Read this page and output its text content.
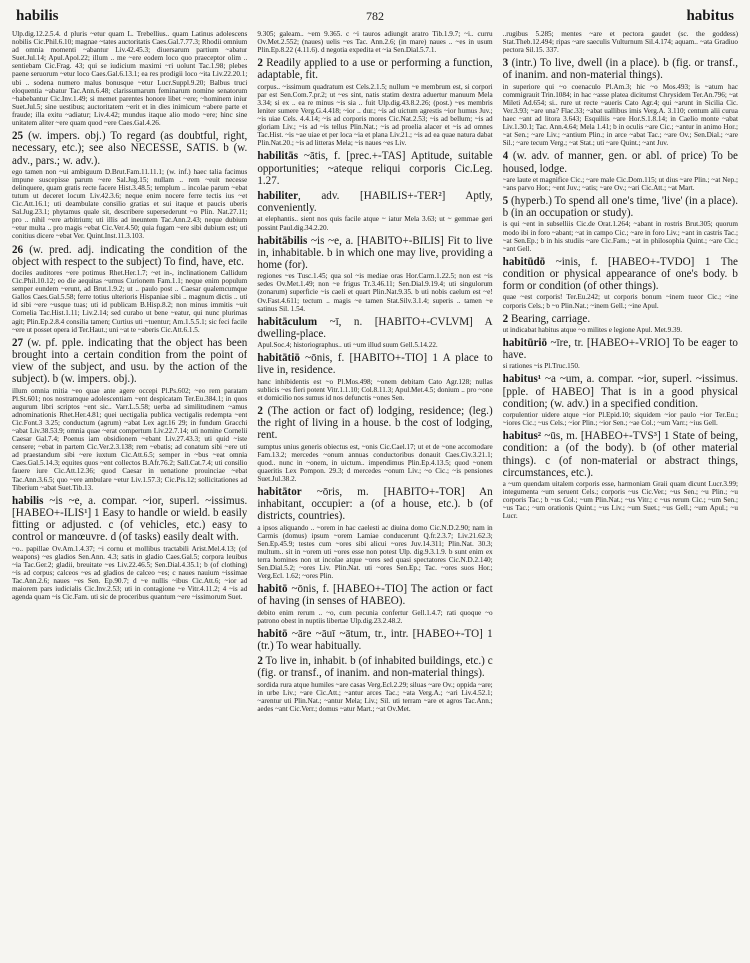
habilis	782	habitus

Ulp.dig.12.2.5.4. d pluris ~etur quam L. Trebellius.. quam Latinus adolescens nobilis Cic.Phil.6.10; magnae ~tates auctoritatis Caes.Gal.7.77.3; Rhodii omnium ad omnia momenti ~abantur Liv.42.45.3; diuersarum partium ~abatur Suet.Jul.14; Apul.Apol.22; illum .. me ~ere eodem loco quo praeceptor olim .. sentiebam Cic.Frag. 43; qui se iudicium maximi ~ri uolunt Tac.1.98; plebes paene seruorum ~etur loco Caes.Gal.6.13.1; ea res prodigii loco ~ita Liv.22.20.1; ubi .. sodena numero malus bonusque ~etur Lucr.Suppl.9.20; Balbus truci eloquentia ~abatur Tac.Ann.6.48; clarissumarum feminarum nomine senatorum ~habebantur Cic.Inv.1.49; si memet parentes honore libet ~ere; ~hominem iniur Suet.Jul.5; sine uestibus; auctoritatem ~erit et in dies inimicum ~abere parte et fraude; illa exitu ~adiatur; Liv.4.42; mundus itaque alio modo ~ere; hinc sine unitatem aliter ~ere quam quod ~ere Caes.Gal.4.26.

25 (w. impers. obj.) To regard (as doubtful, right, necessary, etc.); see also NECESSE, SATIS. b (w. adv., pars.; w. adv.).

ego tamen non ~ui ambiguum D.Brut.Fam.11.11.1; (w. inf.) haec talia facimus impune suscepisse parum ~ere Sal.Jug.15; nullam .. rem ~euit necesse delinquere, quam gratis recte facere Hist.3.48.5; templum .. incolae parum ~ebat tutum ut deceret locum Liv.42.3.6; neque enim nocere ferre tectis ius ~et Cic.Att.16.1; uti deambulate consilio gratias et sui itaque et paucis uberis Sal.Jug.23.1; phytamus quale sit, describere supersederunt ~o Plin. Nat.27.11; pro .. nihil ~ere arbitrium; uti illis ad ineuntem Tac.Ann.2.43; neque dubium ~etur multa .. pro magis ~ebat Cic.Ver.4.50; quia fugam ~ere sibi dubium est; uti conitius dicere ~ebat Ver. Quint.Inst.11.3.103.

26 (w. pred. adj. indicating the condition of the object with respect to the subject) To find, have, etc.

dociles auditores ~ere potimus Rhet.Her.1.7; ~et in-, inclinationem Callidum Cic.Phil.10.12; eo die aequitas ~umus Curionem Fam.1.1; neque enim populum semper eundem ~erunt, ad Brut.1.9.2; ut .. paulo post .. Caesar qualemcumque Gallos Caes.Gal.5.58; ferre totius ulterioris Hispaniae sibi .. magnum dictis .. uti id sibi ~ere ~usque tuas; uti id publicam B.Hisp.8.2; non minus immitis ~uit Cornelia Tac.Hist.1.11; Liv.2.14; sed curabo ut bene ~eatur, qui nunc plurimas agit; Plin.Ep.2.8.4 consilia tamen; Curtius uti ~tuentur; Am.1.5.5.1; sic feci facile ~ere ut posset opera id Ter.Haut.; uni ~at te ~aberis Cic.Att.6.1.5.

27 (w. pf. pple. indicating that the object has been brought into a certain condition from the point of view of the subject, and usu. by the action of the subject). b (w. impers. obj.).

illum omnia mitia ~eo quae ante agere occepi Pl.Ps.602; ~eo rem paratam Pl.St.601; nos nostramque adolescentiam ~ent despicatam Ter.Eu.384.1; in quos augurum libri scriptos ~ent sic.. Varr.L.5.58; uerba ad similitudinem ~amus adnominationis Rhet.Her.4.81; quei uectigalia publica vectigalis redempta ~ent Cic.Font.3 3.25; conductum (agrum) ~abat Lex agr.16 29; in fundum Gracchi ~abat Liv.38.53.9; omnia quae ~erat compertum Liv.22.7.14; uti nomine Cornelii Caesar Gal.7.4; Poenus iam obsidionem ~ebant Liv.27.43.3; uti quid ~iste censere; ~ebat in partem Cic.Ver.2.3.138; rem ~ebatis; ad conatum sibi ~ere uti ad praestandum sibi ~ere iuxtum Cic.Att.6.5; semper in ~bus ~eat omnia Caes.Gal.5.14.3; equites quos ~ent collectos B.Afr.76.2; Sall.Cat.7.4; uti consilio fauere iure Cic.Att.12.36; quod Caesar in uenatione prouinciae ~ebat Tac.Ann.3.6.5; quo ~ere ambulare ~etur Liv.1.57.3; Cic.Pis.12; sollicitationes ad Tiberium ~abat Suet.Tib.13.

habilis ~is ~e, a. compar. ~ior, superl. ~issimus. [HABEO+-ILIS¹] 1 Easy to handle or wield. b easily fitting or adjusted. c (of vehicles, etc.) easy to control or manœuvre. d (of tasks) easily dealt with.

~o.. papillae Ov.Am.1.4.37; ~i cornu et mollibus tractabili Arist.Mel.4.13; (of weapons) ~es gladios Sen.Ann. 4.3; satis in gladio Caes.Gal.5; corpora leuibus ~ia Tac.Ger.2; gladii, breuitate ~es Liv.22.46.5; Sen.Dial.4.35.1; b (of clothing) ~is ad corpus; calceos ~es ad gladios de calceo ~es; c naues nauium ~issimae Tac.Ann.2.6; naues ~es Sen. Ep.90.7; d ~e nullis ~ibus Cic.Att.6; ~ior ad maiorem pars iudicialis Cic.Inv.2.53; uti in contagione ~e Vitr.4.11.2; 4 ~is ad agenda quam ~is Cic.Fam. uti sic de proceribus quantum ~ere ~issimorum Suet.

9.305; galeam.. ~em 9.365. c ~i tauros adiungit aratro Tib.1.9.7; ~i.. curru Ov.Met.2.552; (naues) uelis ~es Tac. Ann.2.6; (in mare) naues .. ~es in usum Plin.Ep.8.22 (4.11.6). d negotia expedita et ~ia Sen.Dial.5.7.1.

2 Readily applied to a use or performing a function, adaptable, fit.

corpus.. ~issimum quadratum est Cels.2.1.5; nullum ~e membrum est, si corpori par est Sen.Com.7.pr.2; ut ~es sint, natis statim dextra aduertur manuum Mela 3.34; si ex .. ea re minus ~is sia .. fuit Ulp.dig.43.8.2.26; (post.) ~es membris leniter sumere Verg.G.4.418; ~ior .. dur.; ~is ad uictum agrestis ~ior humus Juv.; ~is uiae Cels. 4.4.14; ~is ad corporis mores Cic.Nat.2.53; ~is ad bellum; ~is ad gloriam Liv.; ~is ad ~is tellus Plin.Nat.; ~is ad proelia alacer et ~is ad omnes Tac.Hist. ~is ~ae uiae et per loca ~ia et plana Liv.21.; ~is ad ea quae natura dabat Plin.Nat.20.; ~is ad litteras Mela; ~is naues ~es Liv.

habilitās ~ātis, f. [prec.+-TAS] Aptitude, suitable opportunities; ~ateque reliqui corporis Cic.Leg. 1.27.

habiliter, adv. [HABILIS+-TER²] Aptly, conveniently.

at elephantis.. sient nos quis facile atque ~ iatur Mela 3.63; ut ~ gemmae geri possint Paul.dig.34.2.20.

habitābilis ~is ~e, a. [HABITO+-BILIS] Fit to live in, inhabitable. b in which one may live, providing a home (for).

regiones ~es Tusc.1.45; qua sol ~is mediae oras Hor.Carm.1.22.5; non est ~is sedes Ov.Met.1.49; non ~e frigus Tr.3.46.11; Sen.Dial.9.19.4; uti singulorum (zonarum) superficie ~is caeli et quart Plin.Nat.9.35. b uti nobis caelum est ~e! Ov.Fast.4.611; tectum .. magis ~e tamen Stat.Silv.3.1.4; superis .. tamen ~e satinus Sil. 1.54.

habitāculum ~ī, n. [HABITO+-CVLVM] A dwelling-place.

Apul.Soc.4; historiographus.. uti ~um illud suum Gell.5.14.22.

habitātiō ~ōnis, f. [HABITO+-TIO] 1 A place to live in, residence.

hanc inhibidentis est ~o Pl.Mos.498; ~onem debitam Cato Agr.128; nullas sublicis ~es fieri potent Vitr.1.1.10; Col.8.11.3; Apul.Met.4.5; donium .. pro ~one et domicilio nos sumus id nos defunctis ~ones Sen.

2 (The action or fact of) lodging, residence; (leg.) the right of living in a house. b the cost of lodging, rent.

sumptus unius generis obiectus est, ~onis Cic.Cael.17; ut et de ~one accomodare Fam.13.2; mercedes ~onum annuas conductoribus donauit Caes.Civ.3.21.1; quod.. nunc in ~onem, in uictum.. impendimus Plin.Ep.4.13.5; quod ~onem quaeritis Lex Pompon. 29.3; d mercedes ~onum Liv.; ~o Cic.; ~is pensiones Suet.Jul.38.2.

habitātor ~ōris, m. [HABITO+-TOR] An inhabitant, occupier: a (of a house, etc.). b (of districts, countries).

a ipsos aliquando .. ~orem in hac caelesti ac diuina domo Cic.N.D.2.90; nam in Carmis (domus) ipsum ~orem Lamiae conducerunt Q.fr.2.3.7; Liv.21.62.3; Sen.Ep.45.9; testes cum ~ores sibi alicui ~ores Juv.14.311; Plin.Nat. 30.3; multum.. sit in ~orem uti ~ores esse non potest Ulp. dig.9.3.1.9. b sunt enim ex terra homines non ut incolae atque ~ores sed quasi spectatores Cic.N.D.2.140; Sen.Dial.5.2; ~ores Liv. Plin.Nat. uti ~ores Sen.Ep.; Tac. ~ores suos Hor.; Verg.Ecl. 1.62; ~ores Plin.

habitō ~ōnis, f. [HABEO+-TIO] The action or fact of having (in senses of HABEO).

debito enim rerum .. ~o, cum pecunia confertur Gell.1.4.7; rati quoque ~o patrono obest in nuptiis libertae Ulp.dig.23.2.48.2.

habitō ~āre ~āuī ~ātum, tr., intr. [HABEO+-TO] 1 (tr.) To wear habitually.

2 To live in, inhabit. b (of inhabited buildings, etc.) c (fig. or transf., of inanim. and non-material things).

sordida rura atque humiles ~are casas Verg.Ecl.2.29; siluas ~are Ov.; oppida ~are; in urbe Liv.; ~are Cic.Att.; ~antur arces Tac.; ~ata Verg.A.; ~ari Liv.4.52.1; ~arentur uti Plin.Nat.; ~antur Mela; Liv.; Sil. uti terram ~are et agros Tac.Ann.; aedes ~ant Cic.Verr.; domus ~atur Mart.; ~at Ov.Met.

..rugibus 5.285; mentes ~are et pectora gaudet (sc. the goddess) Stat.Theb.12.494; ripas ~are saeculis Vulturnum Sil.4.174; aquam.. ~ata Gradiuo pectora Sil.15. 337.

3 (intr.) To live, dwell (in a place). b (fig. or transf., of inanim. and non-material things).

in superiore qui ~o coenaculo Pl.Am.3; hic ~o Mos.493; is ~atum hac commigrauit Trin.1084; in hac ~asse platea dicitumst Chrysidem Ter.An.796; ~at Mileti Ad.654; si.. rure ut recte ~aueris Cato Agr.4; qui ~arunt in Sicilia Cic. Ver.3.93; ~are una? Flac.33; ~abat uallibus imis Verg.A. 3.110; centum alii curua haec ~ant ad litora 3.643; Esquiliis ~are Hor.S.1.8.14; in Caelio monte ~abat Liv.1.30.1; Tac. Ann.4.64; Mela 1.41; b in oculis ~are Cic.; ~antur in animo Hor.; ~at Sen.; ~are Liv.; ~antium Plin.; in arce ~abat Tac.; ~are Ov.; Sen.Dial.; ~are Sil.; ~are tecum Verg.; ~at Stat.; uti ~are Quint.; ~ant Juv.

4 (w. adv. of manner, gen. or abl. of price) To be housed, lodge.

~are laute et magnifice Cic.; ~are male Cic.Dom.115; ut dius ~are Plin.; ~at Nep.; ~ans parvo Hor.; ~ent Juv.; ~atis; ~are Ov.; ~ari Cic.Att.; ~at Mart.

5 (hyperb.) To spend all one's time, 'live' (in a place). b (in an occupation or study).

is qui ~ent in subselliis Cic.de Orat.1.264; ~abant in rostris Brut.305; quorum modo ibi in foro ~abant; ~at in campo Cic.; ~are in foro Liv.; ~ant in castris Tac.; ~at Sen.Ep.; b in his studiis ~are Cic.Fam.; ~at in philosophia Quint.; ~are Cic.; ~ant Gell.

habitūdō ~inis, f. [HABEO+-TVDO] 1 The condition or physical appearance of one's body. b form or condition (of other things).

quae ~est corporis! Ter.Eu.242; ut corporis bonum ~inem tueor Cic.; ~ine corporis Cels.; b ~o Plin.Nat.; ~inem Gell.; ~ine Apul.

2 Bearing, carriage.

ut indicabat habitus atque ~o milites e legione Apul. Met.9.39.

habitūriō ~īre, tr. [HABEO+-VRIO] To be eager to have.

si rationes ~is Pl.Truc.150.

habitus¹ ~a ~um, a. compar. ~ior, superl. ~issimus. [pple. of HABEO] That is in a good physical condition; (w. adv.) in a specified condition.

corpulentior uidere atque ~ior Pl.Epid.10; siquidem ~ior paulo ~ior Ter.Eu.; ~iores Cic.; ~us Cels.; ~ior Plin.; ~ior Sen.; ~ae Col.; ~um Varr.; ~ius Gell.

habitus² ~ūs, m. [HABEO+-TVS³] 1 State of being, condition: a (of the body). b (of other material things). c (of non-material or abstract things, circumstances, etc.).

a ~um quendam uitalem corporis esse, harmoniam Graii quam dicunt Lucr.3.99; integumenta ~um seruent Cels.; corporis ~us Cic.Ver.; ~us Sen.; ~u Plin.; ~u corporis Tac.; b ~us Col.; ~um Plin.Nat.; ~us Vitr.; c ~us rerum Cic.; ~um Sen.; ~us Tac.; ~um orationis Quint.; ~us Liv.; ~um Suet.; ~us Gell.; ~um Apul.; ~u Lucr.
